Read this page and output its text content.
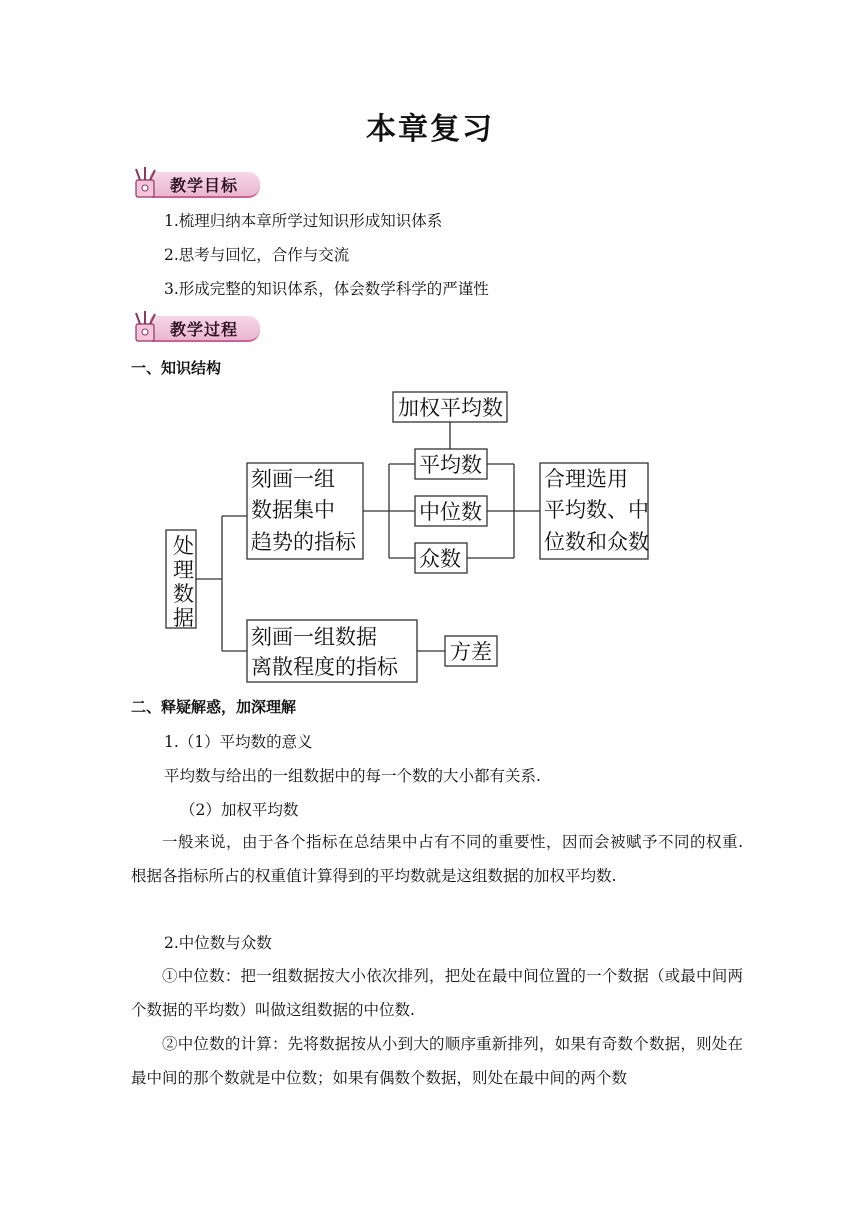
本章复习
教学目标
1.梳理归纳本章所学过知识形成知识体系
2.思考与回忆，合作与交流
3.形成完整的知识体系，体会数学科学的严谨性
教学过程
一、知识结构
处
理
数
据
刻画一组
数据集中
趋势的指标
加权平均数
平均数
中位数
众数
合理选用
平均数、中
位数和众数
刻画一组数据
离散程度的指标
方差
二、释疑解惑，加深理解
1.（1）平均数的意义
平均数与给出的一组数据中的每一个数的大小都有关系.
（2）加权平均数
一般来说，由于各个指标在总结果中占有不同的重要性，因而会被赋予不同的权重. 根据各指标所占的权重值计算得到的平均数就是这组数据的加权平均数.
2.中位数与众数
①中位数：把一组数据按大小依次排列，把处在最中间位置的一个数据（或最中间两个数据的平均数）叫做这组数据的中位数.
②中位数的计算：先将数据按从小到大的顺序重新排列，如果有奇数个数据，则处在最中间的那个数就是中位数；如果有偶数个数据，则处在最中间的两个数
